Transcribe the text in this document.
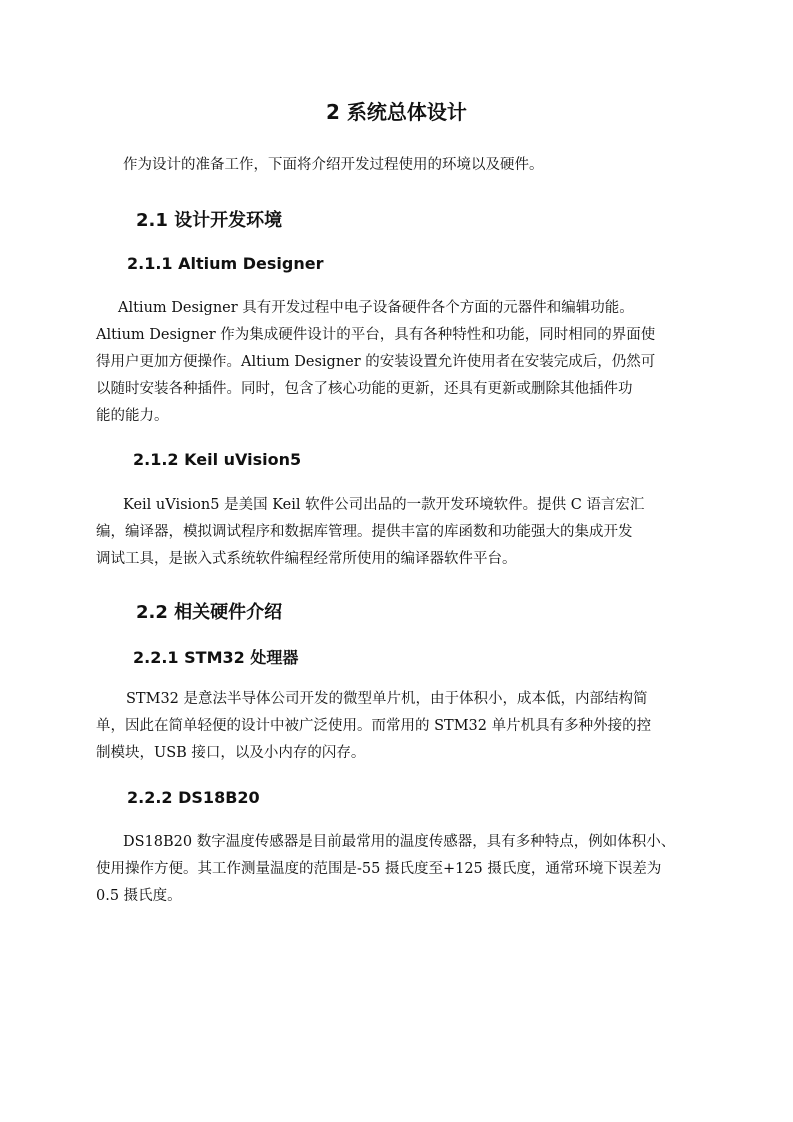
2 系统总体设计
作为设计的准备工作，下面将介绍开发过程使用的环境以及硬件。
2.1 设计开发环境
2.1.1 Altium Designer
Altium Designer 具有开发过程中电子设备硬件各个方面的元器件和编辑功能。
Altium Designer 作为集成硬件设计的平台，具有各种特性和功能，同时相同的界面使
得用户更加方便操作。Altium Designer 的安装设置允许使用者在安装完成后，仍然可
以随时安装各种插件。同时，包含了核心功能的更新，还具有更新或删除其他插件功
能的能力。
2.1.2 Keil uVision5
Keil uVision5 是美国 Keil 软件公司出品的一款开发环境软件。提供 C 语言宏汇
编，编译器，模拟调试程序和数据库管理。提供丰富的库函数和功能强大的集成开发
调试工具，是嵌入式系统软件编程经常所使用的编译器软件平台。
2.2 相关硬件介绍
2.2.1 STM32 处理器
STM32 是意法半导体公司开发的微型单片机，由于体积小，成本低，内部结构简
单，因此在简单轻便的设计中被广泛使用。而常用的 STM32 单片机具有多种外接的控
制模块，USB 接口，以及小内存的闪存。
2.2.2 DS18B20
DS18B20 数字温度传感器是目前最常用的温度传感器，具有多种特点，例如体积小、
使用操作方便。其工作测量温度的范围是-55 摄氏度至+125 摄氏度，通常环境下误差为
0.5 摄氏度。
